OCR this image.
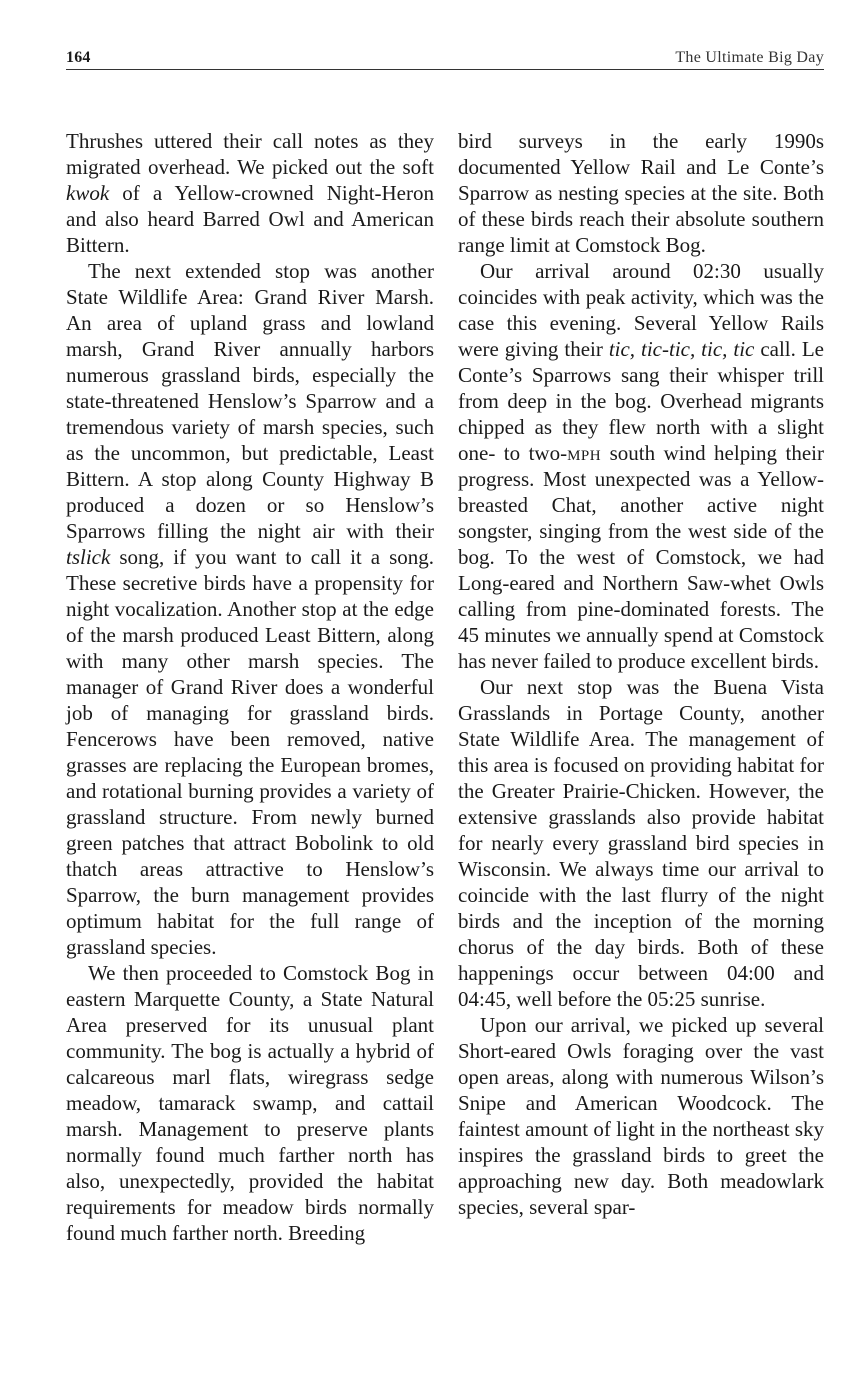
164	The Ultimate Big Day

Thrushes uttered their call notes as they migrated overhead. We picked out the soft kwok of a Yellow-crowned Night-Heron and also heard Barred Owl and American Bittern.

The next extended stop was another State Wildlife Area: Grand River Marsh. An area of upland grass and lowland marsh, Grand River annually harbors numerous grassland birds, especially the state-threatened Henslow’s Sparrow and a tremendous variety of marsh species, such as the uncommon, but predictable, Least Bittern. A stop along County Highway B produced a dozen or so Henslow’s Sparrows filling the night air with their tslick song, if you want to call it a song. These secretive birds have a propensity for night vocalization. Another stop at the edge of the marsh produced Least Bittern, along with many other marsh species. The manager of Grand River does a wonderful job of managing for grassland birds. Fencerows have been removed, native grasses are replacing the European bromes, and rotational burning provides a variety of grassland structure. From newly burned green patches that attract Bobolink to old thatch areas attractive to Henslow’s Sparrow, the burn management provides optimum habitat for the full range of grassland species.

We then proceeded to Comstock Bog in eastern Marquette County, a State Natural Area preserved for its unusual plant community. The bog is actually a hybrid of calcareous marl flats, wiregrass sedge meadow, tamarack swamp, and cattail marsh. Management to preserve plants normally found much farther north has also, unexpectedly, provided the habitat requirements for meadow birds normally found much farther north. Breeding

bird surveys in the early 1990s documented Yellow Rail and Le Conte’s Sparrow as nesting species at the site. Both of these birds reach their absolute southern range limit at Comstock Bog.

Our arrival around 02:30 usually coincides with peak activity, which was the case this evening. Several Yellow Rails were giving their tic, tic-tic, tic, tic call. Le Conte’s Sparrows sang their whisper trill from deep in the bog. Overhead migrants chipped as they flew north with a slight one- to two-mph south wind helping their progress. Most unexpected was a Yellow-breasted Chat, another active night songster, singing from the west side of the bog. To the west of Comstock, we had Long-eared and Northern Saw-whet Owls calling from pine-dominated forests. The 45 minutes we annually spend at Comstock has never failed to produce excellent birds.

Our next stop was the Buena Vista Grasslands in Portage County, another State Wildlife Area. The management of this area is focused on providing habitat for the Greater Prairie-Chicken. However, the extensive grasslands also provide habitat for nearly every grassland bird species in Wisconsin. We always time our arrival to coincide with the last flurry of the night birds and the inception of the morning chorus of the day birds. Both of these happenings occur between 04:00 and 04:45, well before the 05:25 sunrise.

Upon our arrival, we picked up several Short-eared Owls foraging over the vast open areas, along with numerous Wilson’s Snipe and American Woodcock. The faintest amount of light in the northeast sky inspires the grassland birds to greet the approaching new day. Both meadowlark species, several spar-
